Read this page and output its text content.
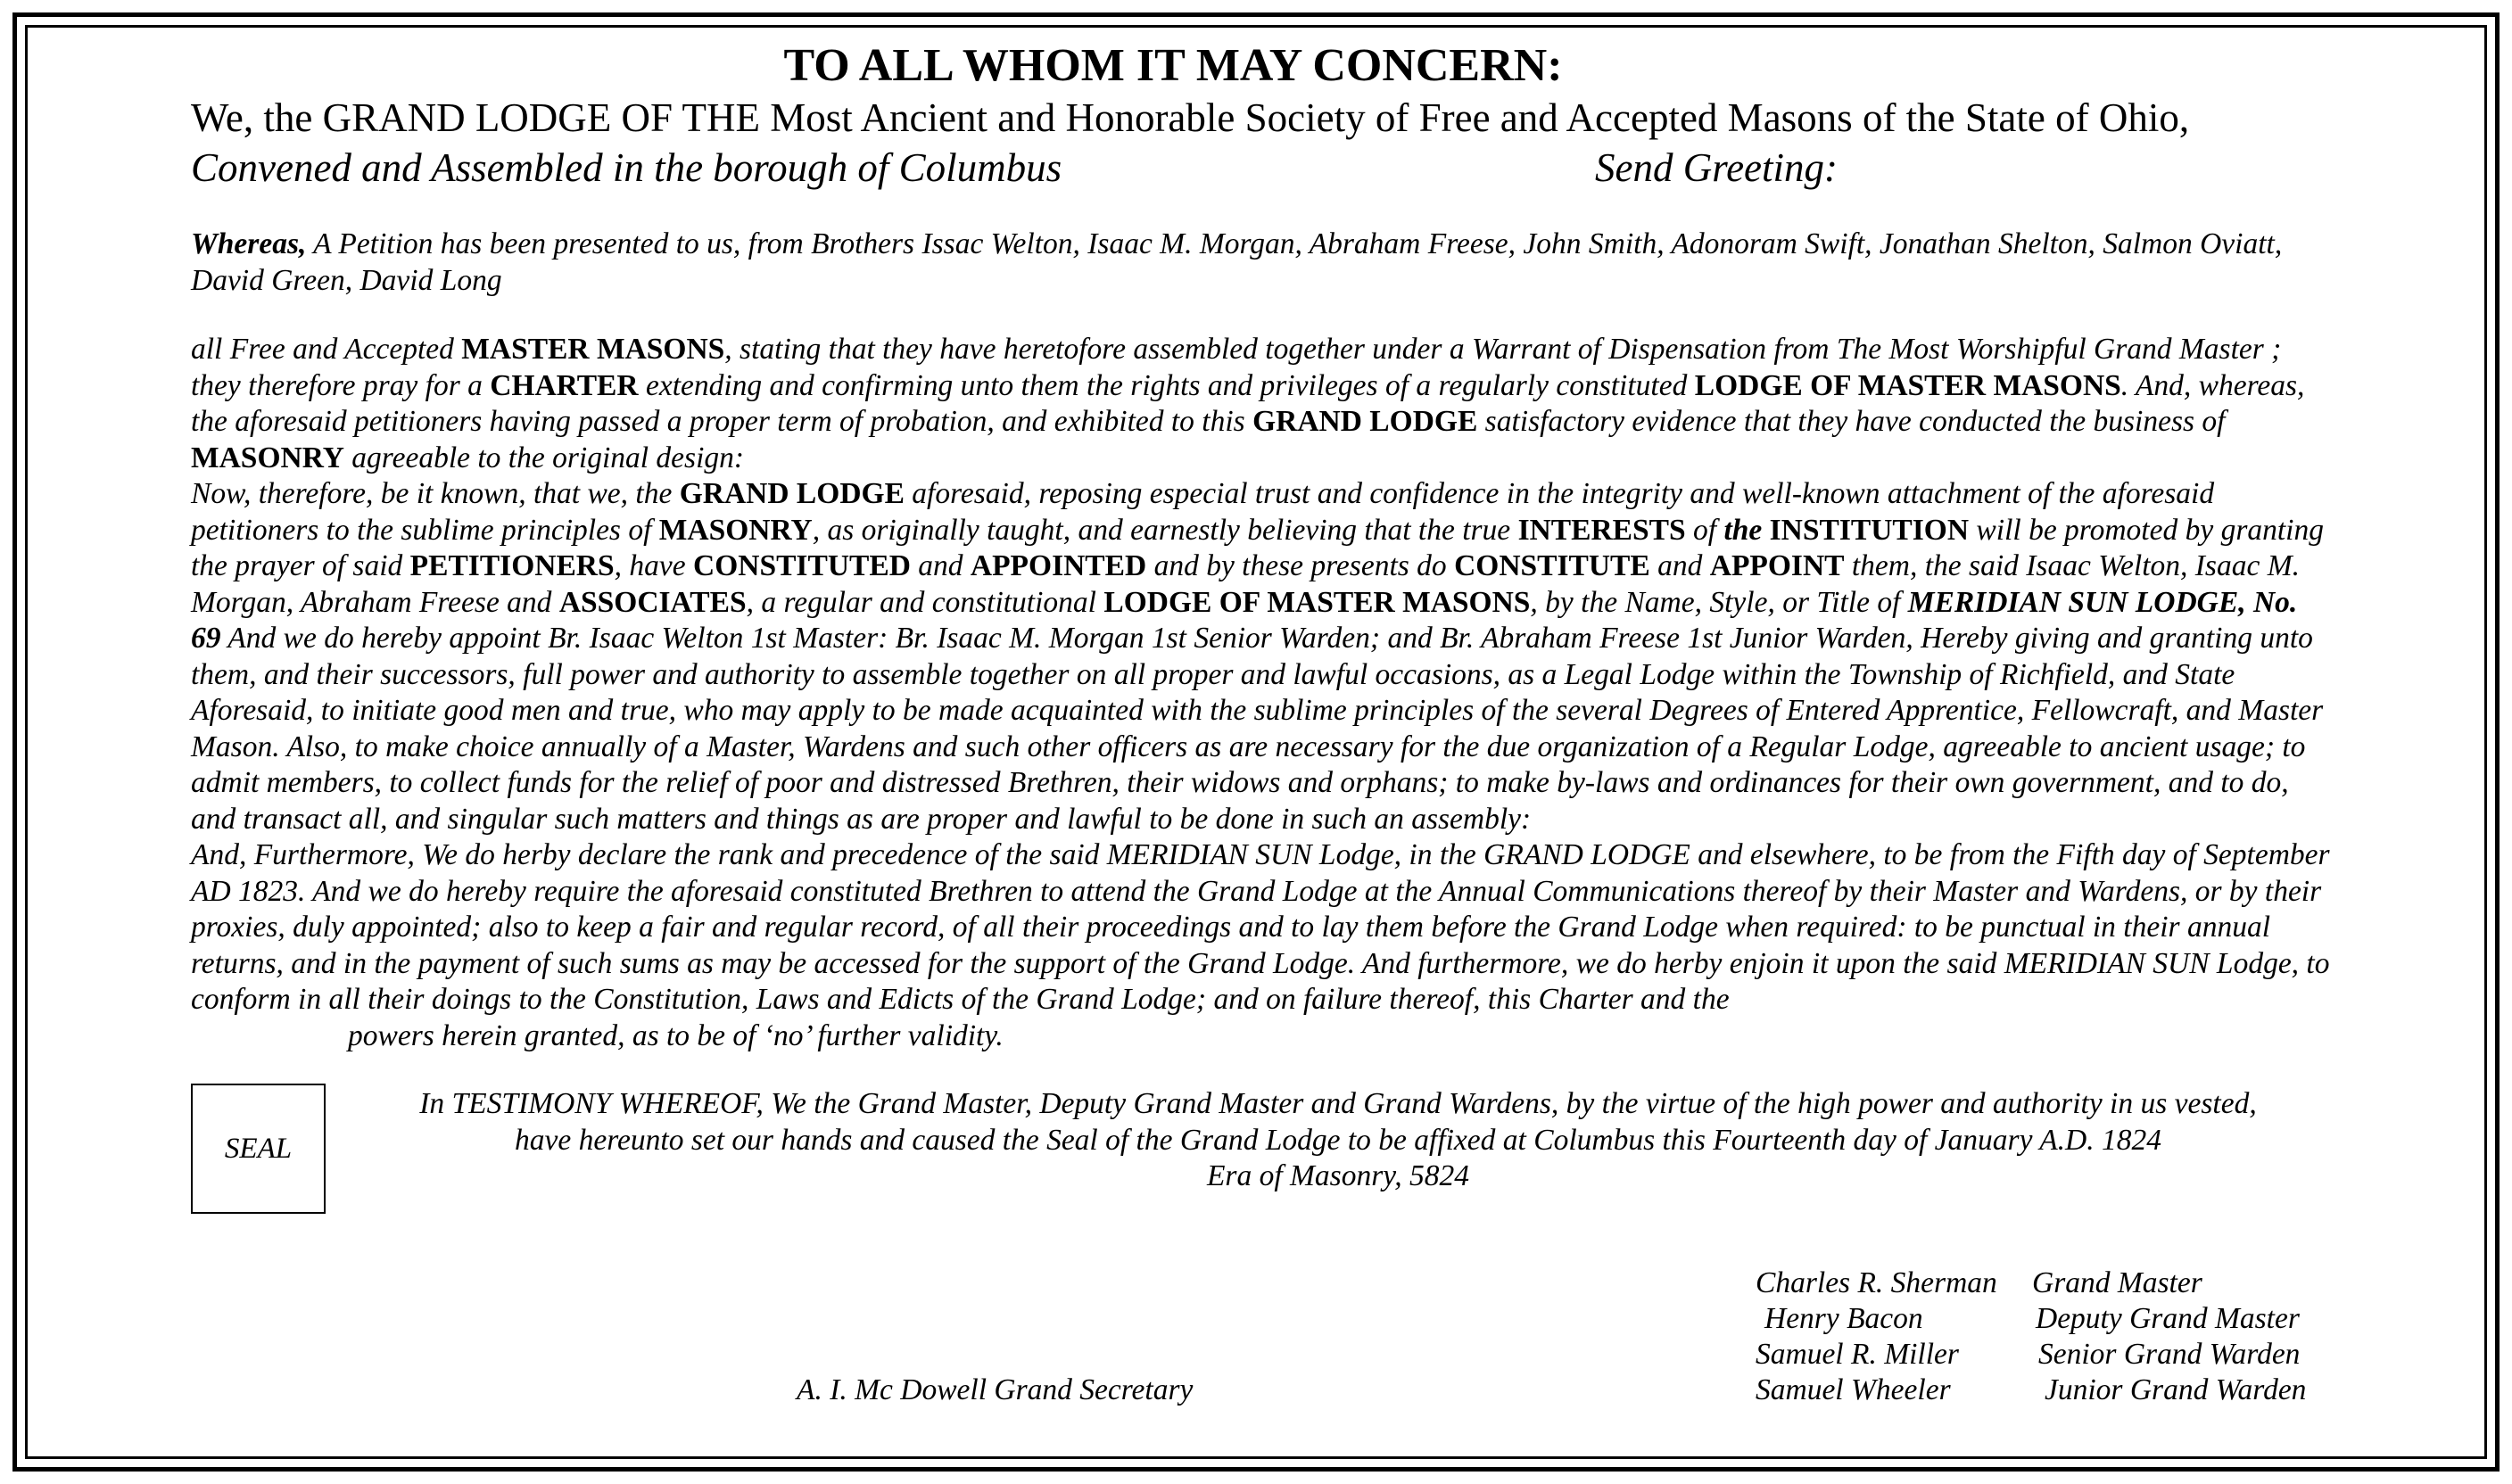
TO ALL WHOM IT MAY CONCERN:
We, the GRAND LODGE OF THE Most Ancient and Honorable Society of Free and Accepted Masons of the State of Ohio,
Convened and Assembled in the borough of Columbus	Send Greeting:
Whereas, A Petition has been presented to us, from Brothers Issac Welton, Isaac M. Morgan, Abraham Freese, John Smith, Adonoram Swift, Jonathan Shelton, Salmon Oviatt, David Green, David Long
all Free and Accepted MASTER MASONS, stating that they have heretofore assembled together under a Warrant of Dispensation from The Most Worshipful Grand Master ; they therefore pray for a CHARTER extending and confirming unto them the rights and privileges of a regularly constituted LODGE OF MASTER MASONS. And, whereas, the aforesaid petitioners having passed a proper term of probation, and exhibited to this GRAND LODGE satisfactory evidence that they have conducted the business of MASONRY agreeable to the original design:
Now, therefore, be it known, that we, the GRAND LODGE aforesaid, reposing especial trust and confidence in the integrity and well-known attachment of the aforesaid petitioners to the sublime principles of MASONRY, as originally taught, and earnestly believing that the true INTERESTS of the INSTITUTION will be promoted by granting the prayer of said PETITIONERS, have CONSTITUTED and APPOINTED and by these presents do CONSTITUTE and APPOINT them, the said Isaac Welton, Isaac M. Morgan, Abraham Freese and ASSOCIATES, a regular and constitutional LODGE OF MASTER MASONS, by the Name, Style, or Title of MERIDIAN SUN LODGE, No. 69 And we do hereby appoint Br. Isaac Welton 1st Master: Br. Isaac M. Morgan 1st Senior Warden; and Br. Abraham Freese 1st Junior Warden, Hereby giving and granting unto them, and their successors, full power and authority to assemble together on all proper and lawful occasions, as a Legal Lodge within the Township of Richfield, and State Aforesaid, to initiate good men and true, who may apply to be made acquainted with the sublime principles of the several Degrees of Entered Apprentice, Fellowcraft, and Master Mason. Also, to make choice annually of a Master, Wardens and such other officers as are necessary for the due organization of a Regular Lodge, agreeable to ancient usage; to admit members, to collect funds for the relief of poor and distressed Brethren, their widows and orphans; to make by-laws and ordinances for their own government, and to do, and transact all, and singular such matters and things as are proper and lawful to be done in such an assembly:
And, Furthermore, We do herby declare the rank and precedence of the said MERIDIAN SUN Lodge, in the GRAND LODGE and elsewhere, to be from the Fifth day of September AD 1823. And we do hereby require the aforesaid constituted Brethren to attend the Grand Lodge at the Annual Communications thereof by their Master and Wardens, or by their proxies, duly appointed; also to keep a fair and regular record, of all their proceedings and to lay them before the Grand Lodge when required: to be punctual in their annual returns, and in the payment of such sums as may be accessed for the support of the Grand Lodge. And furthermore, we do herby enjoin it upon the said MERIDIAN SUN Lodge, to conform in all their doings to the Constitution, Laws and Edicts of the Grand Lodge; and on failure thereof, this Charter and the
powers herein granted, as to be of ‘no’ further validity.
SEAL
In TESTIMONY WHEREOF, We the Grand Master, Deputy Grand Master and Grand Wardens, by the virtue of the high power and authority in us vested,
have hereunto set our hands and caused the Seal of the Grand Lodge to be affixed at Columbus this Fourteenth day of January A.D. 1824
Era of Masonry, 5824
Charles R. Sherman Grand Master
Henry Bacon	Deputy Grand Master
Samuel R. Miller	Senior Grand Warden
Samuel Wheeler	Junior Grand Warden
A. I. Mc Dowell Grand Secretary
